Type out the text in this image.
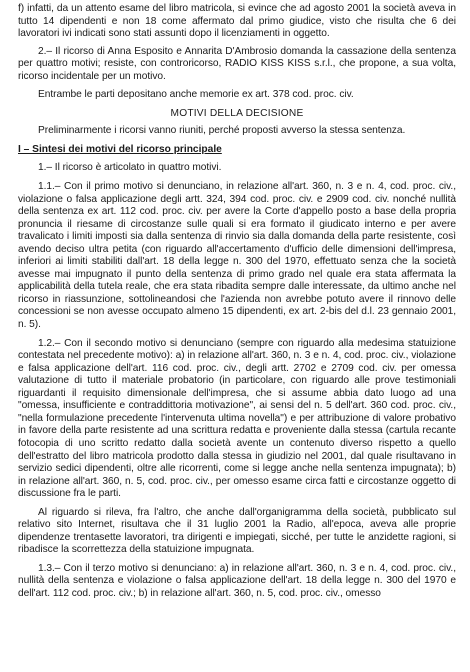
f) infatti, da un attento esame del libro matricola, si evince che ad agosto 2001 la società aveva in tutto 14 dipendenti e non 18 come affermato dal primo giudice, visto che risulta che 6 dei lavoratori ivi indicati sono stati assunti dopo il licenziamenti in oggetto.

2.– Il ricorso di Anna Esposito e Annarita D'Ambrosio domanda la cassazione della sentenza per quattro motivi; resiste, con controricorso, RADIO KISS KISS s.r.l., che propone, a sua volta, ricorso incidentale per un motivo.

Entrambe le parti depositano anche memorie ex art. 378 cod. proc. civ.

MOTIVI DELLA DECISIONE

Preliminarmente i ricorsi vanno riuniti, perché proposti avverso la stessa sentenza.

I – Sintesi dei motivi del ricorso principale

1.– Il ricorso è articolato in quattro motivi.

1.1.– Con il primo motivo si denunciano, in relazione all'art. 360, n. 3 e n. 4, cod. proc. civ., violazione o falsa applicazione degli artt. 324, 394 cod. proc. civ. e 2909 cod. civ. nonché nullità della sentenza ex art. 112 cod. proc. civ. per avere la Corte d'appello posto a base della propria pronuncia il riesame di circostanze sulle quali si era formato il giudicato interno e per avere travalicato i limiti imposti sia dalla sentenza di rinvio sia dalla domanda della parte resistente, così avendo deciso ultra petita (con riguardo all'accertamento d'ufficio delle dimensioni dell'impresa, inferiori ai limiti stabiliti dall'art. 18 della legge n. 300 del 1970, effettuato senza che la società avesse mai impugnato il punto della sentenza di primo grado nel quale era stata affermata la applicabilità della tutela reale, che era stata ribadita sempre dalle interessate, da ultimo anche nel ricorso in riassunzione, sottolineandosi che l'azienda non avrebbe potuto avere il rinnovo delle concessioni se non avesse occupato almeno 15 dipendenti, ex art. 2-bis del d.l. 23 gennaio 2001, n. 5).

1.2.– Con il secondo motivo si denunciano (sempre con riguardo alla medesima statuizione contestata nel precedente motivo): a) in relazione all'art. 360, n. 3 e n. 4, cod. proc. civ., violazione e falsa applicazione dell'art. 116 cod. proc. civ., degli artt. 2702 e 2709 cod. civ. per omessa valutazione di tutto il materiale probatorio (in particolare, con riguardo alle prove testimoniali riguardanti il requisito dimensionale dell'impresa, che si assume abbia dato luogo ad una "omessa, insufficiente e contraddittoria motivazione", ai sensi del n. 5 dell'art. 360 cod. proc. civ., "nella formulazione precedente l'intervenuta ultima novella") e per attribuzione di valore probativo in favore della parte resistente ad una scrittura redatta e proveniente dalla stessa (cartula recante fotocopia di uno scritto redatto dalla società avente un contenuto diverso rispetto a quello dell'estratto del libro matricola prodotto dalla stessa in giudizio nel 2001, dal quale risultavano in servizio sedici dipendenti, oltre alle ricorrenti, come si legge anche nella sentenza impugnata); b) in relazione all'art. 360, n. 5, cod. proc. civ., per omesso esame circa fatti e circostanze oggetto di discussione fra le parti.

Al riguardo si rileva, fra l'altro, che anche dall'organigramma della società, pubblicato sul relativo sito Internet, risultava che il 31 luglio 2001 la Radio, all'epoca, aveva alle proprie dipendenze trentasette lavoratori, tra dirigenti e impiegati, sicché, per tutte le anzidette ragioni, si ribadisce la scorrettezza della statuizione impugnata.

1.3.– Con il terzo motivo si denunciano: a) in relazione all'art. 360, n. 3 e n. 4, cod. proc. civ., nullità della sentenza e violazione o falsa applicazione dell'art. 18 della legge n. 300 del 1970 e dell'art. 112 cod. proc. civ.; b) in relazione all'art. 360, n. 5, cod. proc. civ., omesso
